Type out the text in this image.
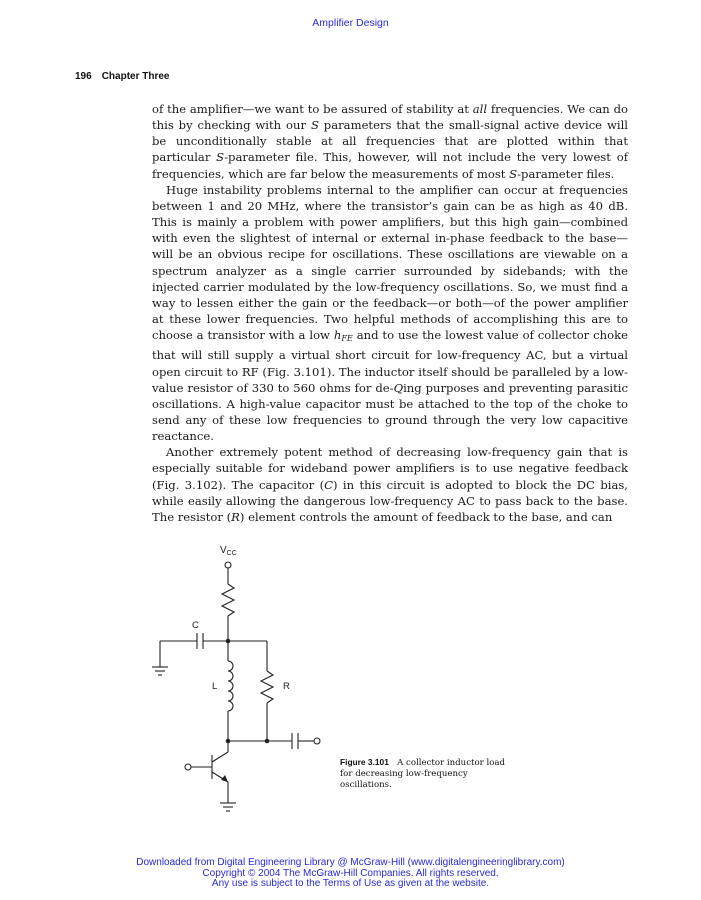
Amplifier Design
196 Chapter Three

of the amplifier—we want to be assured of stability at all frequencies. We can do this by checking with our S parameters that the small-signal active device will be unconditionally stable at all frequencies that are plotted within that particular S-parameter file. This, however, will not include the very lowest of frequencies, which are far below the measurements of most S-parameter files.

Huge instability problems internal to the amplifier can occur at frequencies between 1 and 20 MHz, where the transistor’s gain can be as high as 40 dB. This is mainly a problem with power amplifiers, but this high gain—combined with even the slightest of internal or external in-phase feedback to the base—will be an obvious recipe for oscillations. These oscillations are viewable on a spectrum analyzer as a single carrier surrounded by sidebands; with the injected carrier modulated by the low-frequency oscillations. So, we must find a way to lessen either the gain or the feedback—or both—of the power amplifier at these lower frequencies. Two helpful methods of accomplishing this are to choose a transistor with a low $h_{FE}$ and to use the lowest value of collector choke that will still supply a virtual short circuit for low-frequency AC, but a virtual open circuit to RF (Fig. 3.101). The inductor itself should be paralleled by a low-value resistor of 330 to 560 ohms for de-Qing purposes and preventing parasitic oscillations. A high-value capacitor must be attached to the top of the choke to send any of these low frequencies to ground through the very low capacitive reactance.

Another extremely potent method of decreasing low-frequency gain that is especially suitable for wideband power amplifiers is to use negative feedback (Fig. 3.102). The capacitor (C) in this circuit is adopted to block the DC bias, while easily allowing the dangerous low-frequency AC to pass back to the base. The resistor (R) element controls the amount of feedback to the base, and can

$V_{CC}$
C
L	R
Figure 3.101 A collector inductor load for decreasing low-frequency oscillations.
Downloaded from Digital Engineering Library @ McGraw-Hill (www.digitalengineeringlibrary.com)
Copyright © 2004 The McGraw-Hill Companies. All rights reserved.
Any use is subject to the Terms of Use as given at the website.
